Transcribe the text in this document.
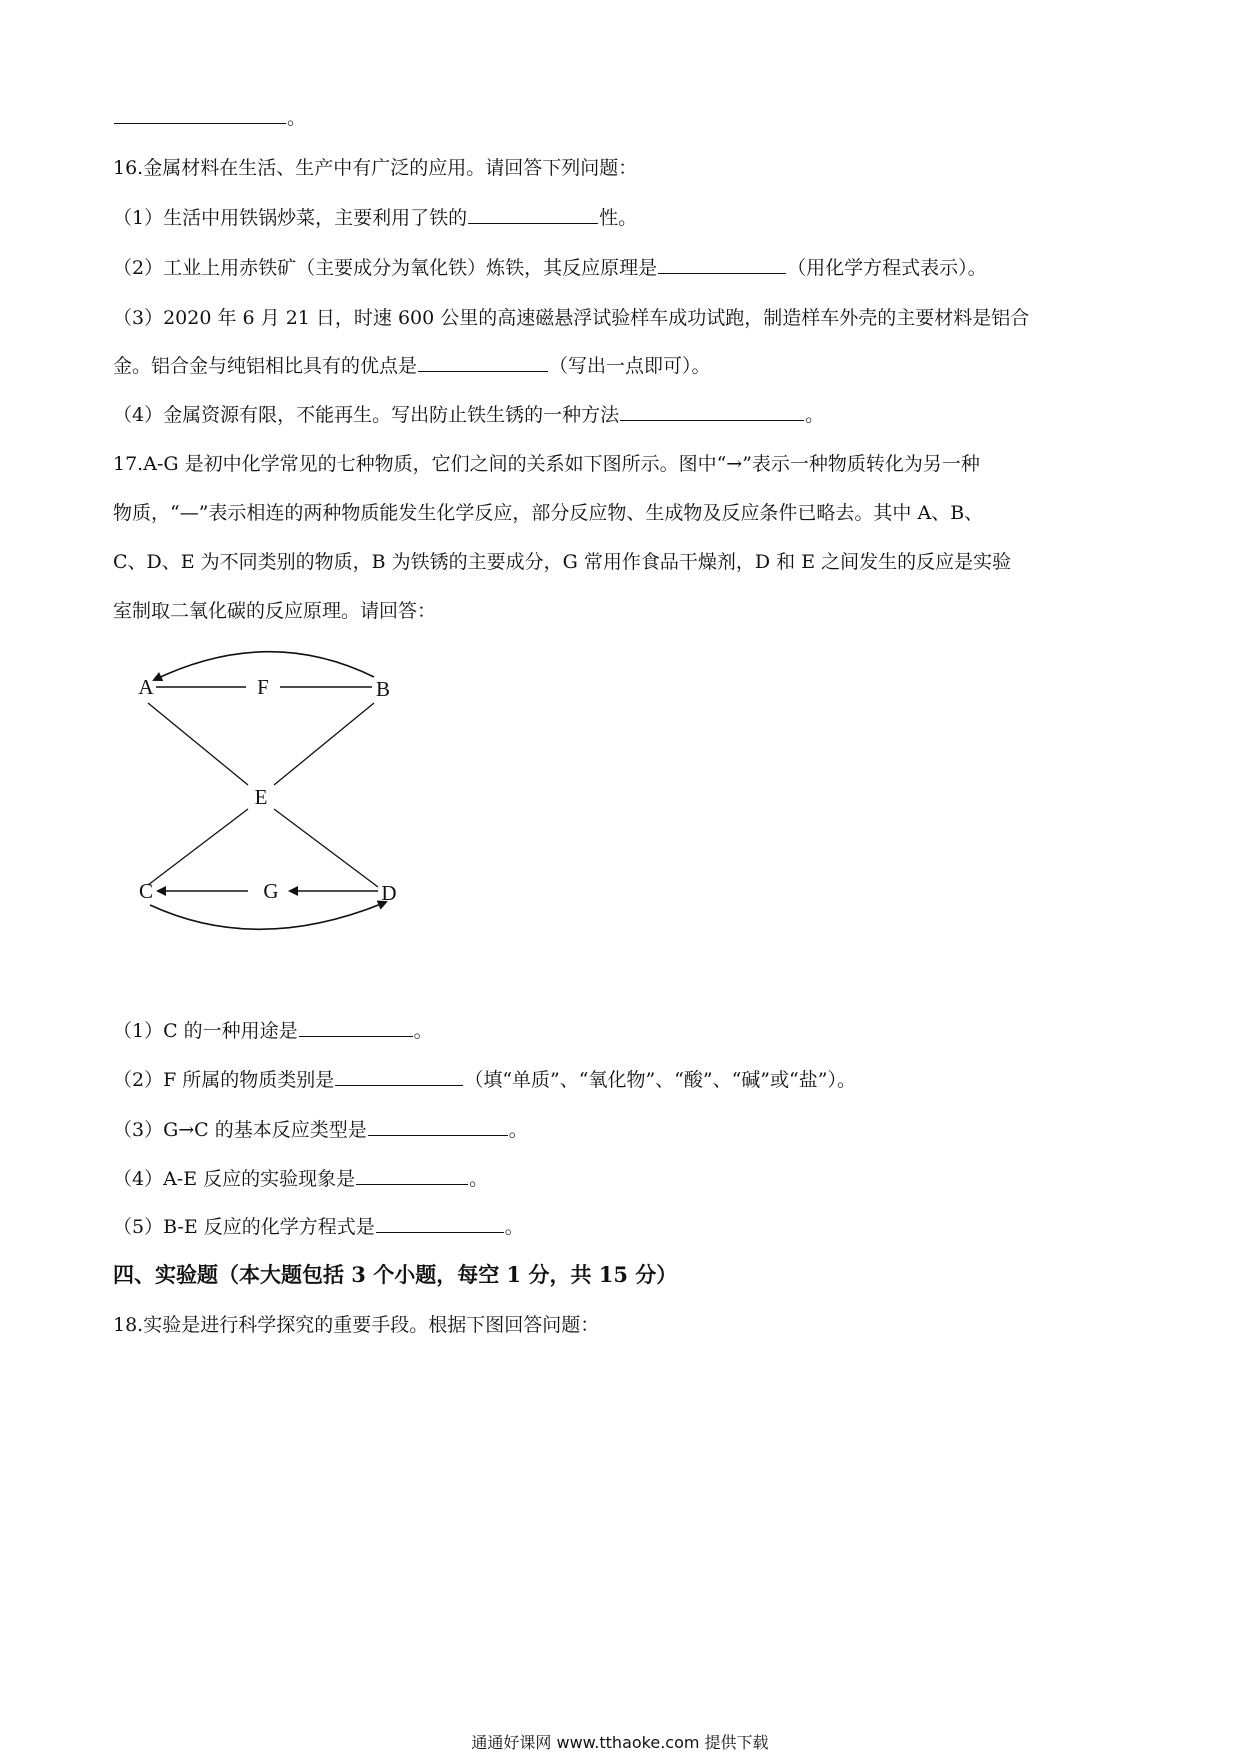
。

16.金属材料在生活、生产中有广泛的应用。请回答下列问题：

（1）生活中用铁锅炒菜，主要利用了铁的	性。

（2）工业上用赤铁矿（主要成分为氧化铁）炼铁，其反应原理是	（用化学方程式表示）。

（3）2020 年 6 月 21 日，时速 600 公里的高速磁悬浮试验样车成功试跑，制造样车外壳的主要材料是铝合

金。铝合金与纯铝相比具有的优点是	（写出一点即可）。

（4）金属资源有限，不能再生。写出防止铁生锈的一种方法	。

17.A-G 是初中化学常见的七种物质，它们之间的关系如下图所示。图中“→”表示一种物质转化为另一种

物质，“—”表示相连的两种物质能发生化学反应，部分反应物、生成物及反应条件已略去。其中 A、B、

C、D、E 为不同类别的物质，B 为铁锈的主要成分，G 常用作食品干燥剂，D 和 E 之间发生的反应是实验

室制取二氧化碳的反应原理。请回答：

A	F	B
E
C	G	D

（1）C 的一种用途是	。

（2）F 所属的物质类别是	（填“单质”、“氧化物”、“酸”、“碱”或“盐”）。

（3）G→C 的基本反应类型是	。

（4）A-E 反应的实验现象是	。

（5）B-E 反应的化学方程式是	。

四、实验题（本大题包括 3 个小题，每空 1 分，共 15 分）

18.实验是进行科学探究的重要手段。根据下图回答问题：

通通好课网 www.tthaoke.com 提供下载
